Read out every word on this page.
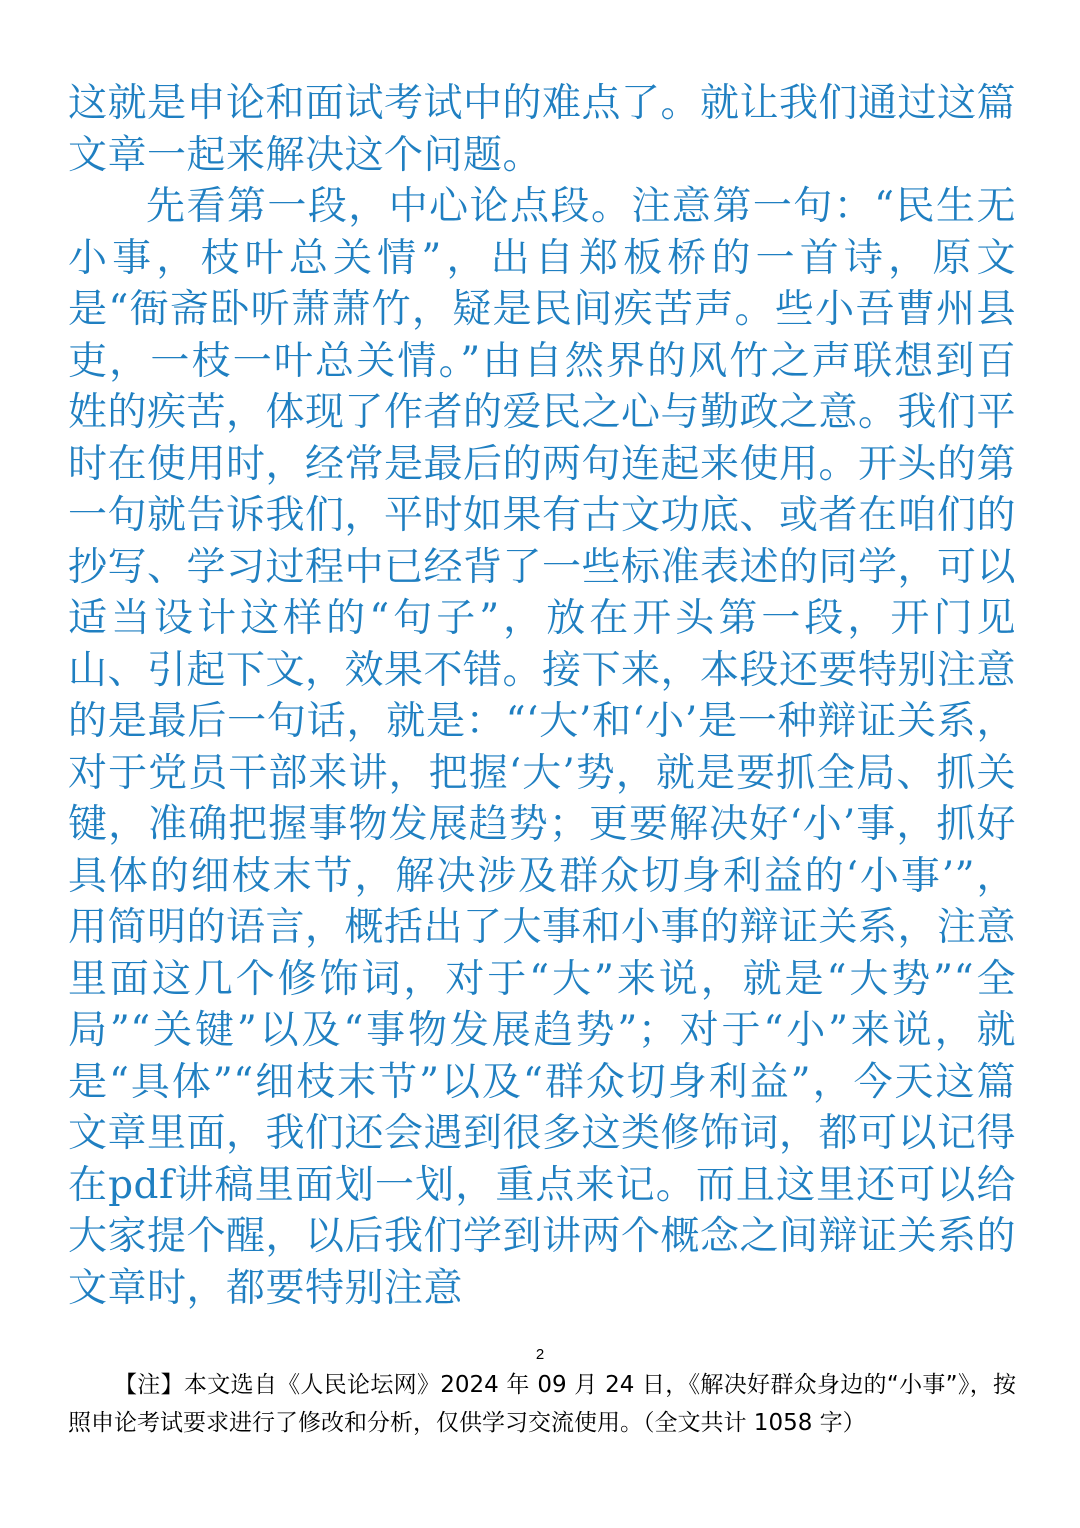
这就是申论和面试考试中的难点了。就让我们通过这篇文章一起来解决这个问题。

先看第一段，中心论点段。注意第一句：“民生无小事，枝叶总关情”，出自郑板桥的一首诗，原文是“衙斋卧听萧萧竹，疑是民间疾苦声。些小吾曹州县吏，一枝一叶总关情。”由自然界的风竹之声联想到百姓的疾苦，体现了作者的爱民之心与勤政之意。我们平时在使用时，经常是最后的两句连起来使用。开头的第一句就告诉我们，平时如果有古文功底、或者在咱们的抄写、学习过程中已经背了一些标准表述的同学，可以适当设计这样的“句子”，放在开头第一段，开门见山、引起下文，效果不错。接下来，本段还要特别注意的是最后一句话，就是：“‘大’和‘小’是一种辩证关系，对于党员干部来讲，把握‘大’势，就是要抓全局、抓关键，准确把握事物发展趋势；更要解决好‘小’事，抓好具体的细枝末节，解决涉及群众切身利益的‘小事’”，用简明的语言，概括出了大事和小事的辩证关系，注意里面这几个修饰词，对于“大”来说，就是“大势”“全局”“关键”以及“事物发展趋势”；对于“小”来说，就是“具体”“细枝末节”以及“群众切身利益”，今天这篇文章里面，我们还会遇到很多这类修饰词，都可以记得在pdf讲稿里面划一划，重点来记。而且这里还可以给大家提个醒，以后我们学到讲两个概念之间辩证关系的文章时，都要特别注意

2

【注】本文选自《人民论坛网》2024 年 09 月 24 日，《解决好群众身边的“小事”》，按照申论考试要求进行了修改和分析，仅供学习交流使用。（全文共计 1058 字）
